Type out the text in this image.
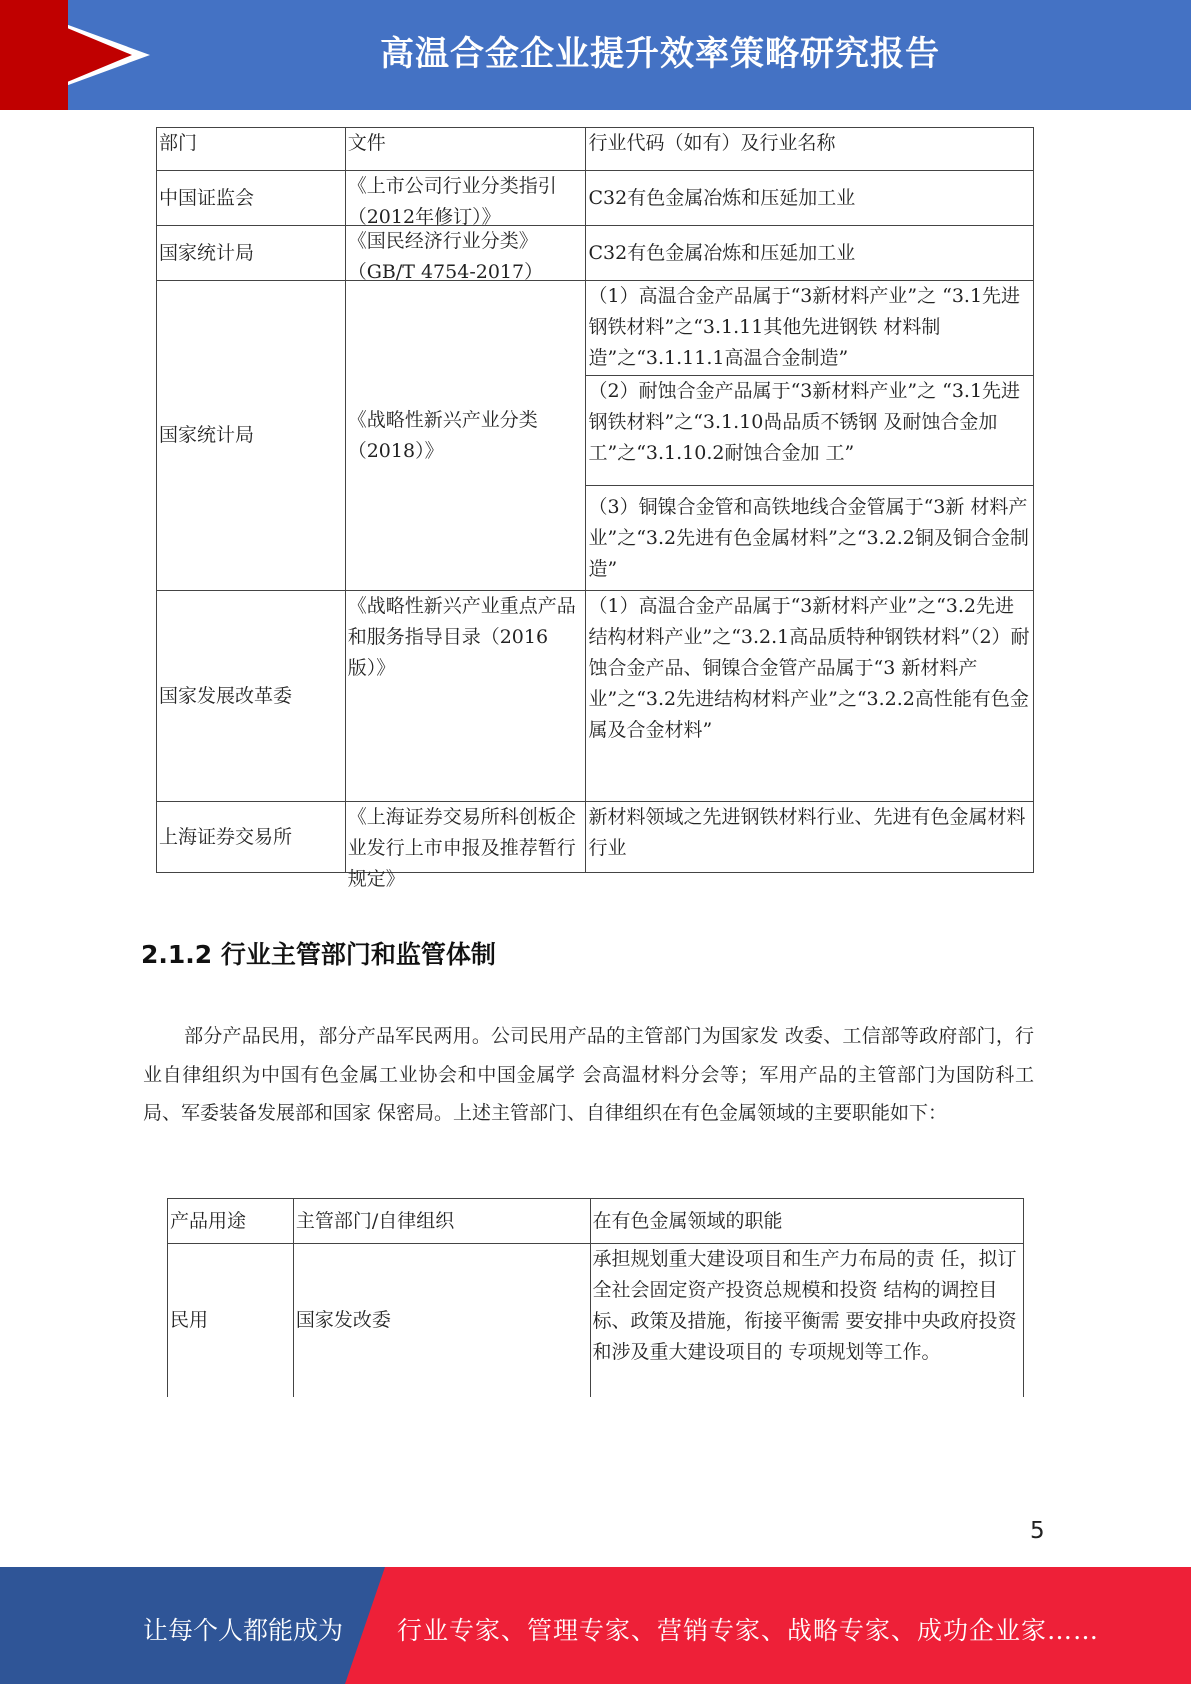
高温合金企业提升效率策略研究报告
部门	文件	行业代码（如有）及行业名称
中国证监会	《上市公司行业分类指引（2012年修订）》	C32有色金属冶炼和压延加工业
国家统计局	《国民经济行业分类》（GB/T 4754-2017）	C32有色金属冶炼和压延加工业
国家统计局	《战略性新兴产业分类（2018）》	（1）高温合金产品属于“3新材料产业”之 “3.1先进钢铁材料”之“3.1.11其他先进钢铁 材料制造”之“3.1.11.1高温合金制造”
		（2）耐蚀合金产品属于“3新材料产业”之 “3.1先进钢铁材料”之“3.1.10咼品质不锈钢 及耐蚀合金加工”之“3.1.10.2耐蚀合金加 工”
		（3）铜镍合金管和高铁地线合金管属于“3新 材料产业”之“3.2先进有色金属材料”之“3.2.2铜及铜合金制造”
国家发展改革委	《战略性新兴产业重点产品和服务指导目录（2016版）》	（1）高温合金产品属于“3新材料产业”之“3.2先进结构材料产业”之“3.2.1高品质特种钢铁材料”（2）耐蚀合金产品、铜镍合金管产品属于“3 新材料产业”之“3.2先进结构材料产业”之“3.2.2高性能有色金属及合金材料”
上海证券交易所	《上海证券交易所科创板企业发行上市申报及推荐暂行规定》	新材料领域之先进钢铁材料行业、先进有色金属材料行业
2.1.2 行业主管部门和监管体制
部分产品民用，部分产品军民两用。公司民用产品的主管部门为国家发 改委、工信部等政府部门，行业自律组织为中国有色金属工业协会和中国金属学 会高温材料分会等；军用产品的主管部门为国防科工局、军委装备发展部和国家 保密局。上述主管部门、自律组织在有色金属领域的主要职能如下：
产品用途	主管部门/自律组织	在有色金属领域的职能
民用	国家发改委	承担规划重大建设项目和生产力布局的责 任，拟订全社会固定资产投资总规模和投资 结构的调控目标、政策及措施，衔接平衡需 要安排中央政府投资和涉及重大建设项目的 专项规划等工作。
5
让每个人都能成为 行业专家、管理专家、营销专家、战略专家、成功企业家……
